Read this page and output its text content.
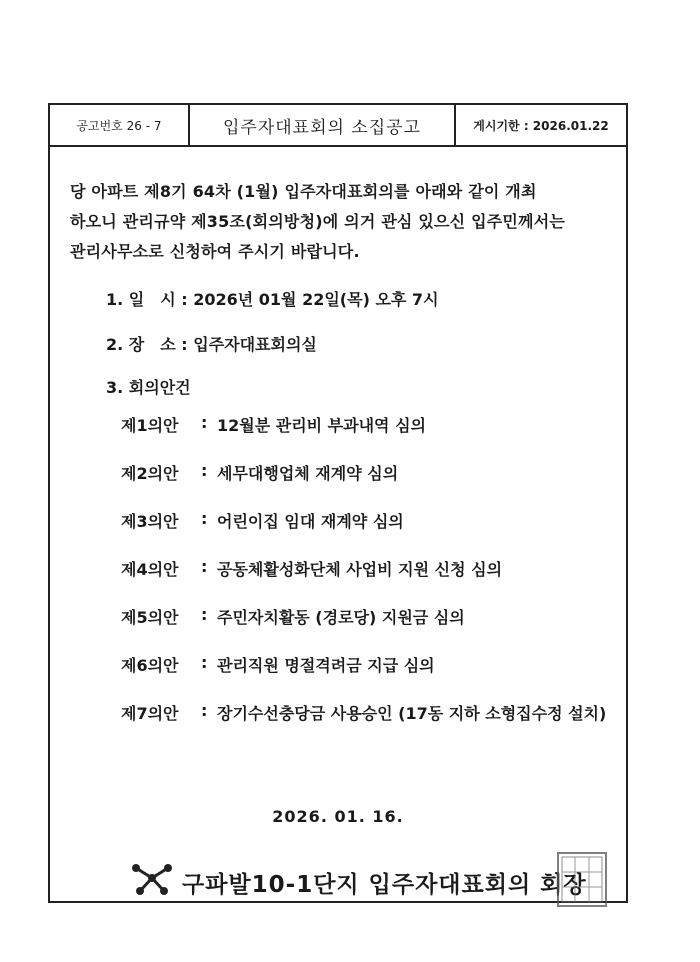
공고번호 26 - 7	입주자대표회의 소집공고	게시기한 : 2026.01.22
당 아파트 제8기 64차 (1월) 입주자대표회의를 아래와 같이 개최
하오니 관리규약 제35조(회의방청)에 의거 관심 있으신 입주민께서는
관리사무소로 신청하여 주시기 바랍니다.
1. 일　시 : 2026년 01월 22일(목) 오후 7시
2. 장　소 : 입주자대표회의실
3. 회의안건
제1의안	: 12월분 관리비 부과내역 심의
제2의안	: 세무대행업체 재계약 심의
제3의안	: 어린이집 임대 재계약 심의
제4의안	: 공동체활성화단체 사업비 지원 신청 심의
제5의안	: 주민자치활동 (경로당) 지원금 심의
제6의안	: 관리직원 명절격려금 지급 심의
제7의안	: 장기수선충당금 사용승인 (17동 지하 소형집수정 설치)
2026. 01. 16.
구파발10-1단지 입주자대표회의 회장
